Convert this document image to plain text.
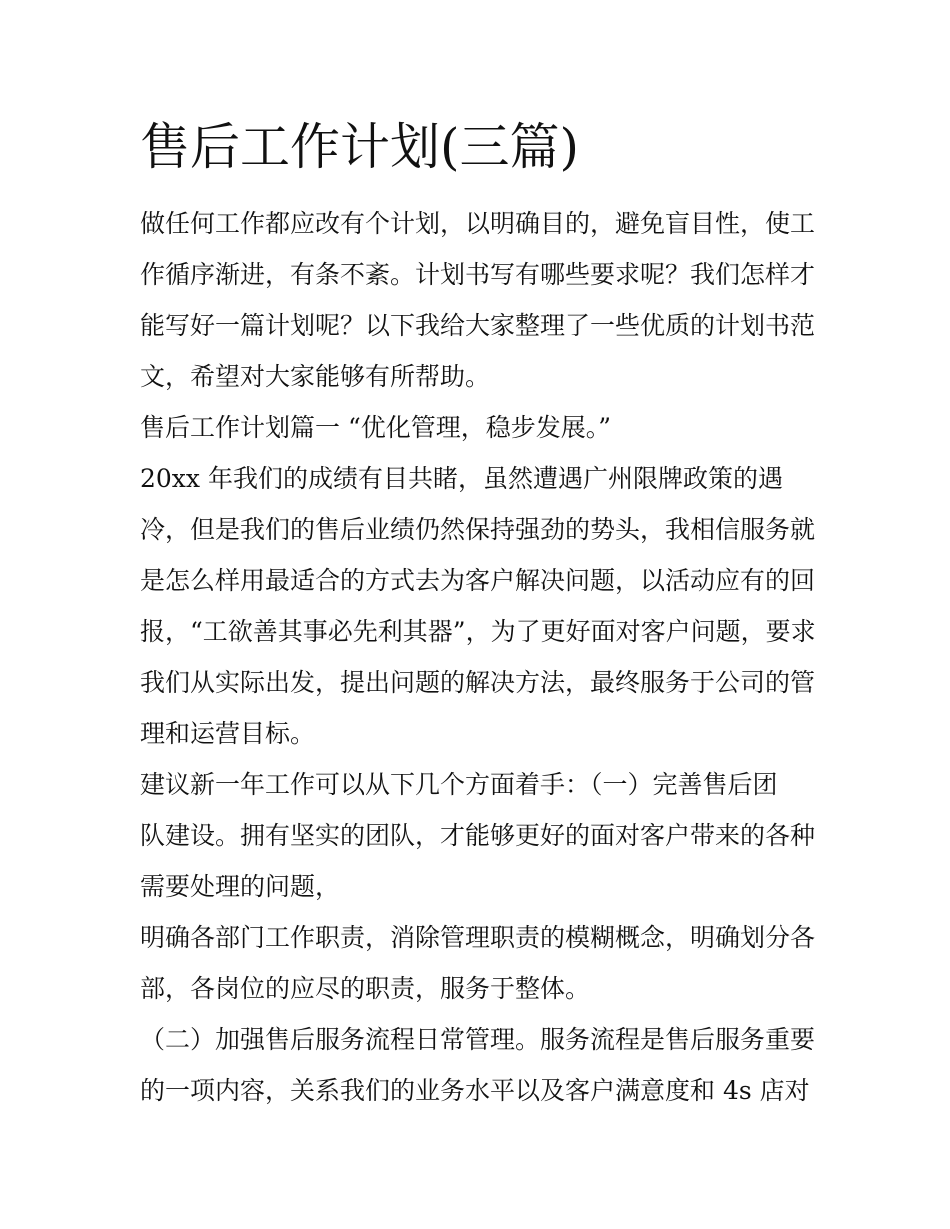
售后工作计划(三篇)
做任何工作都应改有个计划，以明确目的，避免盲目性，使工
作循序渐进，有条不紊。计划书写有哪些要求呢？我们怎样才
能写好一篇计划呢？以下我给大家整理了一些优质的计划书范
文，希望对大家能够有所帮助。
售后工作计划篇一 “优化管理，稳步发展。”
20xx 年我们的成绩有目共睹，虽然遭遇广州限牌政策的遇
冷，但是我们的售后业绩仍然保持强劲的势头，我相信服务就
是怎么样用最适合的方式去为客户解决问题，以活动应有的回
报，“工欲善其事必先利其器”，为了更好面对客户问题，要求
我们从实际出发，提出问题的解决方法，最终服务于公司的管
理和运营目标。
建议新一年工作可以从下几个方面着手：（一）完善售后团
队建设。拥有坚实的团队，才能够更好的面对客户带来的各种
需要处理的问题，
明确各部门工作职责，消除管理职责的模糊概念，明确划分各
部，各岗位的应尽的职责，服务于整体。
（二）加强售后服务流程日常管理。服务流程是售后服务重要
的一项内容，关系我们的业务水平以及客户满意度和 4s 店对
